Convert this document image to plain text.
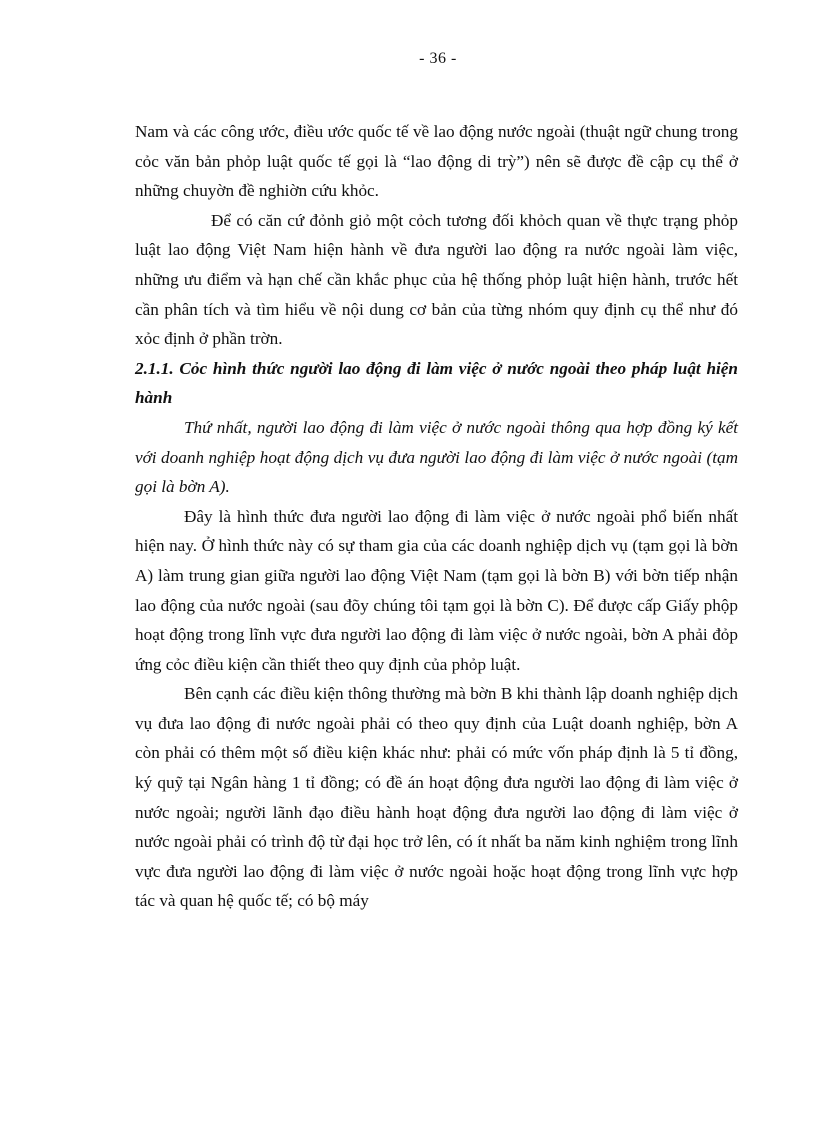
- 36 -

Nam và các công ước, điều ước quốc tế về lao động nước ngoài (thuật ngữ chung trong cỏc văn bản phỏp luật quốc tế gọi là “lao động di trỳ”) nên sẽ được đề cập cụ thể ở những chuyờn đề nghiờn cứu khỏc.

Để có căn cứ đỏnh giỏ một cỏch tương đối khỏch quan về thực trạng phỏp luật lao động Việt Nam hiện hành về đưa người lao động ra nước ngoài làm việc, những ưu điểm và hạn chế cần khắc phục của hệ thống phỏp luật hiện hành, trước hết cần phân tích và tìm hiểu về nội dung cơ bản của từng nhóm quy định cụ thể như đó xỏc định ở phần trờn.

2.1.1. Cỏc hình thức người lao động đi làm việc ở nước ngoài theo pháp luật hiện hành

Thứ nhất, người lao động đi làm việc ở nước ngoài thông qua hợp đồng ký kết với doanh nghiệp hoạt động dịch vụ đưa người lao động đi làm việc ở nước ngoài (tạm gọi là bờn A).

Đây là hình thức đưa người lao động đi làm việc ở nước ngoài phổ biến nhất hiện nay. Ở hình thức này có sự tham gia của các doanh nghiệp dịch vụ (tạm gọi là bờn A) làm trung gian giữa người lao động Việt Nam (tạm gọi là bờn B) với bờn tiếp nhận lao động của nước ngoài (sau đõy chúng tôi tạm gọi là bờn C). Để được cấp Giấy phộp hoạt động trong lĩnh vực đưa người lao động đi làm việc ở nước ngoài, bờn A phải đỏp ứng cỏc điều kiện cần thiết theo quy định của phỏp luật.

Bên cạnh các điều kiện thông thường mà bờn B khi thành lập doanh nghiệp dịch vụ đưa lao động đi nước ngoài phải có theo quy định của Luật doanh nghiệp, bờn A còn phải có thêm một số điều kiện khác như: phải có mức vốn pháp định là 5 tỉ đồng, ký quỹ tại Ngân hàng 1 tỉ đồng; có đề án hoạt động đưa người lao động đi làm việc ở nước ngoài; người lãnh đạo điều hành hoạt động đưa người lao động đi làm việc ở nước ngoài phải có trình độ từ đại học trở lên, có ít nhất ba năm kinh nghiệm trong lĩnh vực đưa người lao động đi làm việc ở nước ngoài hoặc hoạt động trong lĩnh vực hợp tác và quan hệ quốc tế; có bộ máy
